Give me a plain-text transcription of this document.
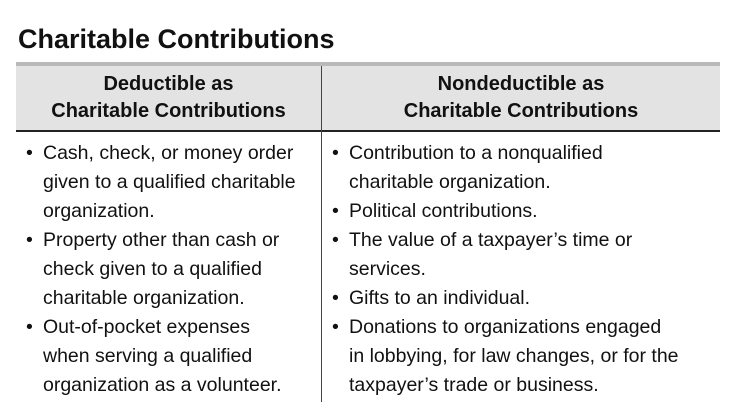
Charitable Contributions
Deductible as
Charitable Contributions
Nondeductible as
Charitable Contributions
• Cash, check, or money order
given to a qualified charitable
organization.
• Property other than cash or
check given to a qualified
charitable organization.
• Out-of-pocket expenses
when serving a qualified
organization as a volunteer.
• Contribution to a nonqualified
charitable organization.
• Political contributions.
• The value of a taxpayer’s time or
services.
• Gifts to an individual.
• Donations to organizations engaged
in lobbying, for law changes, or for the
taxpayer’s trade or business.
